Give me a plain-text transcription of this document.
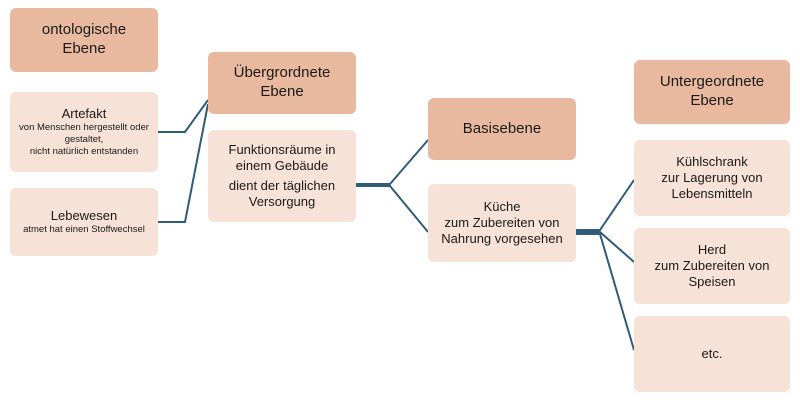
ontologische
Ebene
Artefakt
von Menschen hergestellt oder
gestaltet,
nicht natürlich entstanden
Lebewesen
atmet hat einen Stoffwechsel
Übergrordnete
Ebene
Funktionsräume in
einem Gebäude
dient der täglichen
Versorgung
Basisebene
Küche
zum Zubereiten von
Nahrung vorgesehen
Untergeordnete
Ebene
Kühlschrank
zur Lagerung von
Lebensmitteln
Herd
zum Zubereiten von
Speisen
etc.
